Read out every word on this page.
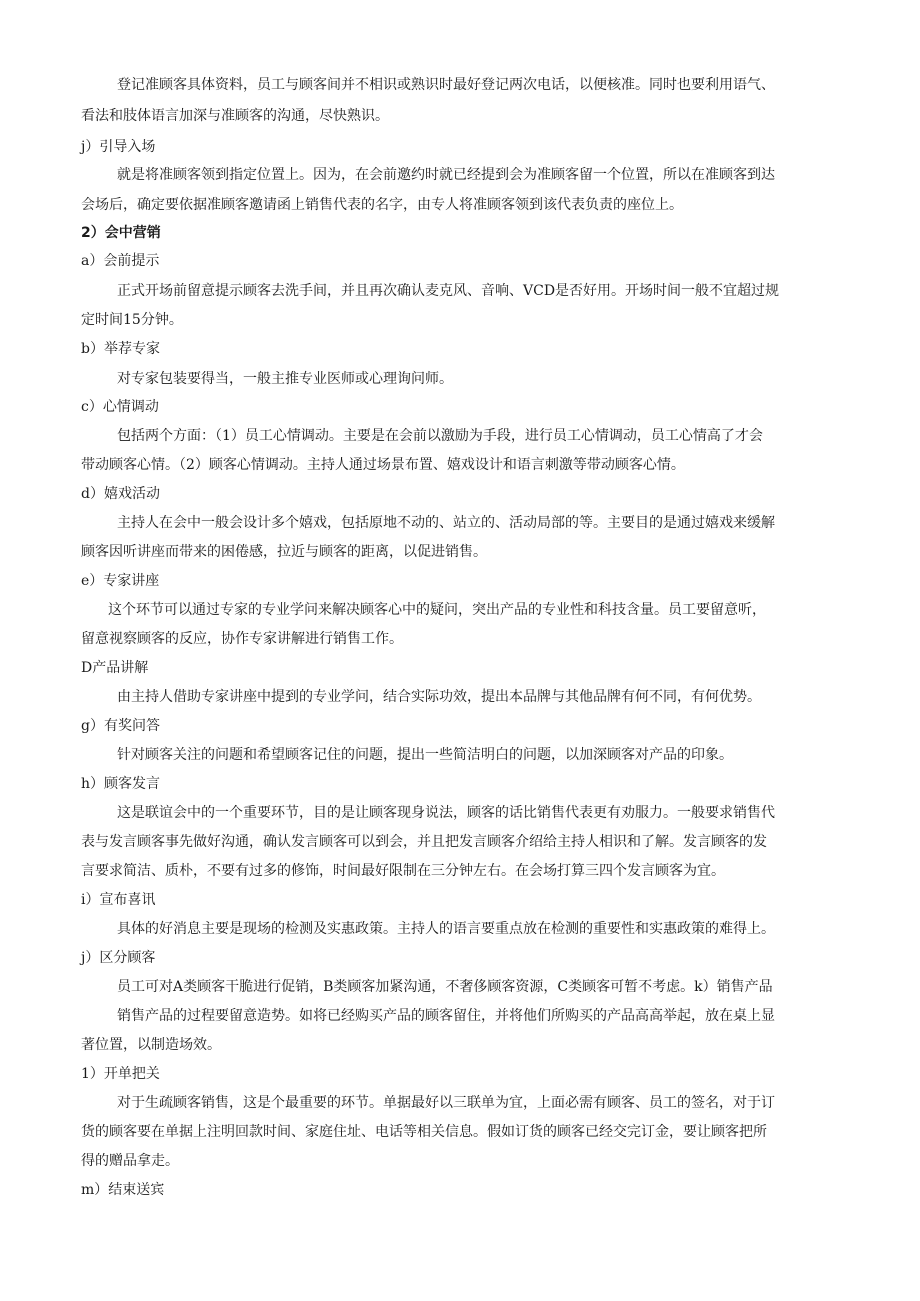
登记准顾客具体资料，员工与顾客间并不相识或熟识时最好登记两次电话，以便核准。同时也要利用语气、
看法和肢体语言加深与准顾客的沟通，尽快熟识。
j）引导入场
就是将准顾客领到指定位置上。因为，在会前邀约时就已经提到会为准顾客留一个位置，所以在准顾客到达
会场后，确定要依据准顾客邀请函上销售代表的名字，由专人将准顾客领到该代表负责的座位上。
2）会中营销
a）会前提示
正式开场前留意提示顾客去洗手间，并且再次确认麦克风、音响、VCD是否好用。开场时间一般不宜超过规
定时间15分钟。
b）举荐专家
对专家包装要得当，一般主推专业医师或心理询问师。
c）心情调动
包括两个方面：（1）员工心情调动。主要是在会前以激励为手段，进行员工心情调动，员工心情高了才会
带动顾客心情。（2）顾客心情调动。主持人通过场景布置、嬉戏设计和语言刺激等带动顾客心情。
d）嬉戏活动
主持人在会中一般会设计多个嬉戏，包括原地不动的、站立的、活动局部的等。主要目的是通过嬉戏来缓解
顾客因听讲座而带来的困倦感，拉近与顾客的距离，以促进销售。
e）专家讲座
这个环节可以通过专家的专业学问来解决顾客心中的疑问，突出产品的专业性和科技含量。员工要留意听，
留意视察顾客的反应，协作专家讲解进行销售工作。
D产品讲解
由主持人借助专家讲座中提到的专业学问，结合实际功效，提出本品牌与其他品牌有何不同，有何优势。
g）有奖问答
针对顾客关注的问题和希望顾客记住的问题，提出一些简洁明白的问题，以加深顾客对产品的印象。
h）顾客发言
这是联谊会中的一个重要环节，目的是让顾客现身说法，顾客的话比销售代表更有劝服力。一般要求销售代
表与发言顾客事先做好沟通，确认发言顾客可以到会，并且把发言顾客介绍给主持人相识和了解。发言顾客的发
言要求简洁、质朴，不要有过多的修饰，时间最好限制在三分钟左右。在会场打算三四个发言顾客为宜。
i）宣布喜讯
具体的好消息主要是现场的检测及实惠政策。主持人的语言要重点放在检测的重要性和实惠政策的难得上。
j）区分顾客
员工可对A类顾客干脆进行促销，B类顾客加紧沟通，不奢侈顾客资源，C类顾客可暂不考虑。k）销售产品
销售产品的过程要留意造势。如将已经购买产品的顾客留住，并将他们所购买的产品高高举起，放在桌上显
著位置，以制造场效。
1）开单把关
对于生疏顾客销售，这是个最重要的环节。单据最好以三联单为宜，上面必需有顾客、员工的签名，对于订
货的顾客要在单据上注明回款时间、家庭住址、电话等相关信息。假如订货的顾客已经交完订金，要让顾客把所
得的赠品拿走。
m）结束送宾
